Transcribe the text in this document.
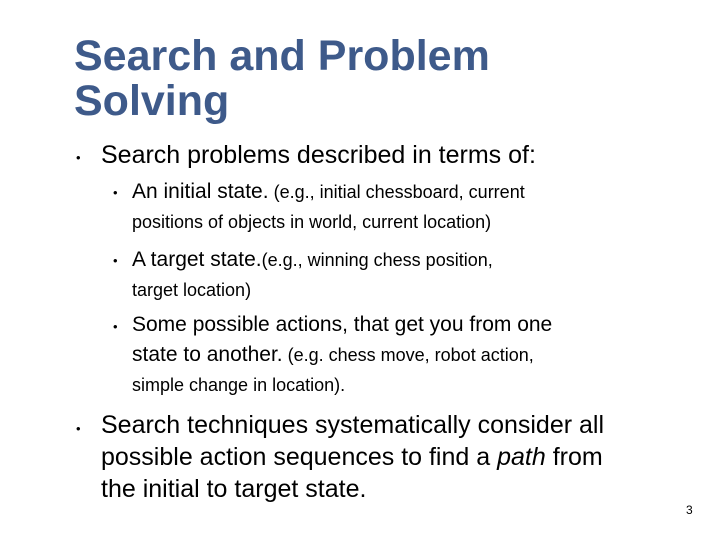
Search and Problem
Solving
• Search problems described in terms of:
• An initial state. (e.g., initial chessboard, current
positions of objects in world, current location)
• A target state.(e.g., winning chess position,
target location)
• Some possible actions, that get you from one
state to another. (e.g. chess move, robot action,
simple change in location).
• Search techniques systematically consider all
possible action sequences to find a path from
the initial to target state.
3
